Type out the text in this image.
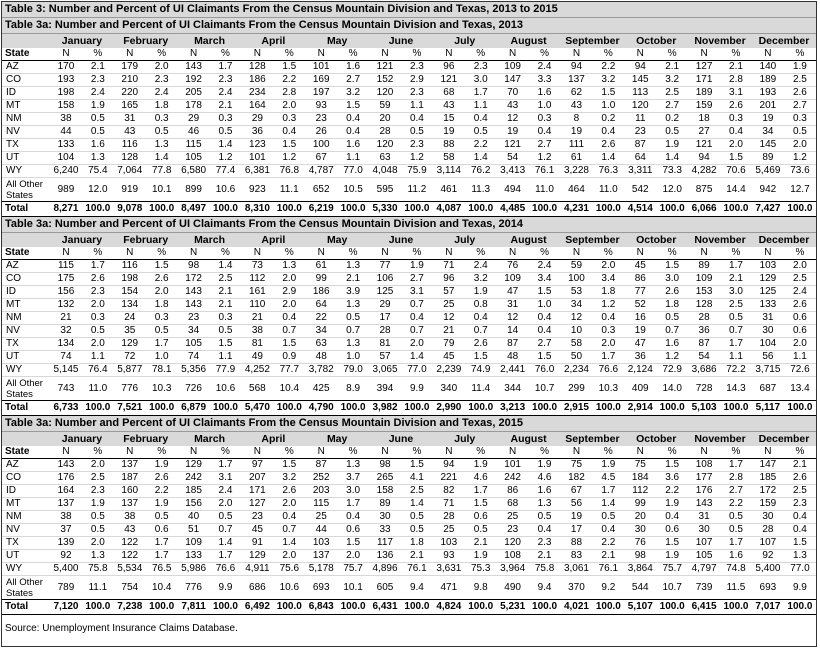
Table 3: Number and Percent of UI Claimants From the Census Mountain Division and Texas, 2013 to 2015
Table 3a: Number and Percent of UI Claimants From the Census Mountain Division and Texas, 2013
	January		February		March		April		May		June		July		August		September		October		November		December	
State	N	%	N	%	N	%	N	%	N	%	N	%	N	%	N	%	N	%	N	%	N	%	N	%
AZ	170	2.1	179	2.0	143	1.7	128	1.5	101	1.6	121	2.3	96	2.3	109	2.4	94	2.2	94	2.1	127	2.1	140	1.9
CO	193	2.3	210	2.3	192	2.3	186	2.2	169	2.7	152	2.9	121	3.0	147	3.3	137	3.2	145	3.2	171	2.8	189	2.5
ID	198	2.4	220	2.4	205	2.4	234	2.8	197	3.2	120	2.3	68	1.7	70	1.6	62	1.5	113	2.5	189	3.1	193	2.6
MT	158	1.9	165	1.8	178	2.1	164	2.0	93	1.5	59	1.1	43	1.1	43	1.0	43	1.0	120	2.7	159	2.6	201	2.7
NM	38	0.5	31	0.3	29	0.3	29	0.3	23	0.4	20	0.4	15	0.4	12	0.3	8	0.2	11	0.2	18	0.3	19	0.3
NV	44	0.5	43	0.5	46	0.5	36	0.4	26	0.4	28	0.5	19	0.5	19	0.4	19	0.4	23	0.5	27	0.4	34	0.5
TX	133	1.6	116	1.3	115	1.4	123	1.5	100	1.6	120	2.3	88	2.2	121	2.7	111	2.6	87	1.9	121	2.0	145	2.0
UT	104	1.3	128	1.4	105	1.2	101	1.2	67	1.1	63	1.2	58	1.4	54	1.2	61	1.4	64	1.4	94	1.5	89	1.2
WY	6,240	75.4	7,064	77.8	6,580	77.4	6,381	76.8	4,787	77.0	4,048	75.9	3,114	76.2	3,413	76.1	3,228	76.3	3,311	73.3	4,282	70.6	5,469	73.6
All Other States	989	12.0	919	10.1	899	10.6	923	11.1	652	10.5	595	11.2	461	11.3	494	11.0	464	11.0	542	12.0	875	14.4	942	12.7
Total	8,271	100.0	9,078	100.0	8,497	100.0	8,310	100.0	6,219	100.0	5,330	100.0	4,087	100.0	4,485	100.0	4,231	100.0	4,514	100.0	6,066	100.0	7,427	100.0
Table 3a: Number and Percent of UI Claimants From the Census Mountain Division and Texas, 2014
	January		February		March		April		May		June		July		August		September		October		November		December	
State	N	%	N	%	N	%	N	%	N	%	N	%	N	%	N	%	N	%	N	%	N	%	N	%
AZ	115	1.7	116	1.5	98	1.4	73	1.3	61	1.3	77	1.9	71	2.4	76	2.4	59	2.0	45	1.5	89	1.7	103	2.0
CO	175	2.6	198	2.6	172	2.5	112	2.0	99	2.1	106	2.7	96	3.2	109	3.4	100	3.4	86	3.0	109	2.1	129	2.5
ID	156	2.3	154	2.0	143	2.1	161	2.9	186	3.9	125	3.1	57	1.9	47	1.5	53	1.8	77	2.6	153	3.0	125	2.4
MT	132	2.0	134	1.8	143	2.1	110	2.0	64	1.3	29	0.7	25	0.8	31	1.0	34	1.2	52	1.8	128	2.5	133	2.6
NM	21	0.3	24	0.3	23	0.3	21	0.4	22	0.5	17	0.4	12	0.4	12	0.4	12	0.4	16	0.5	28	0.5	31	0.6
NV	32	0.5	35	0.5	34	0.5	38	0.7	34	0.7	28	0.7	21	0.7	14	0.4	10	0.3	19	0.7	36	0.7	30	0.6
TX	134	2.0	129	1.7	105	1.5	81	1.5	63	1.3	81	2.0	79	2.6	87	2.7	58	2.0	47	1.6	87	1.7	104	2.0
UT	74	1.1	72	1.0	74	1.1	49	0.9	48	1.0	57	1.4	45	1.5	48	1.5	50	1.7	36	1.2	54	1.1	56	1.1
WY	5,145	76.4	5,877	78.1	5,356	77.9	4,252	77.7	3,782	79.0	3,065	77.0	2,239	74.9	2,441	76.0	2,234	76.6	2,124	72.9	3,686	72.2	3,715	72.6
All Other States	743	11.0	776	10.3	726	10.6	568	10.4	425	8.9	394	9.9	340	11.4	344	10.7	299	10.3	409	14.0	728	14.3	687	13.4
Total	6,733	100.0	7,521	100.0	6,879	100.0	5,470	100.0	4,790	100.0	3,982	100.0	2,990	100.0	3,213	100.0	2,915	100.0	2,914	100.0	5,103	100.0	5,117	100.0
Table 3a: Number and Percent of UI Claimants From the Census Mountain Division and Texas, 2015
	January		February		March		April		May		June		July		August		September		October		November		December	
State	N	%	N	%	N	%	N	%	N	%	N	%	N	%	N	%	N	%	N	%	N	%	N	%
AZ	143	2.0	137	1.9	129	1.7	97	1.5	87	1.3	98	1.5	94	1.9	101	1.9	75	1.9	75	1.5	108	1.7	147	2.1
CO	176	2.5	187	2.6	242	3.1	207	3.2	252	3.7	265	4.1	221	4.6	242	4.6	182	4.5	184	3.6	177	2.8	185	2.6
ID	164	2.3	160	2.2	185	2.4	171	2.6	203	3.0	158	2.5	82	1.7	86	1.6	67	1.7	112	2.2	176	2.7	172	2.5
MT	137	1.9	137	1.9	156	2.0	127	2.0	115	1.7	89	1.4	71	1.5	68	1.3	56	1.4	99	1.9	143	2.2	159	2.3
NM	38	0.5	38	0.5	40	0.5	23	0.4	25	0.4	30	0.5	28	0.6	25	0.5	19	0.5	20	0.4	31	0.5	30	0.4
NV	37	0.5	43	0.6	51	0.7	45	0.7	44	0.6	33	0.5	25	0.5	23	0.4	17	0.4	30	0.6	30	0.5	28	0.4
TX	139	2.0	122	1.7	109	1.4	91	1.4	103	1.5	117	1.8	103	2.1	120	2.3	88	2.2	76	1.5	107	1.7	107	1.5
UT	92	1.3	122	1.7	133	1.7	129	2.0	137	2.0	136	2.1	93	1.9	108	2.1	83	2.1	98	1.9	105	1.6	92	1.3
WY	5,400	75.8	5,534	76.5	5,986	76.6	4,911	75.6	5,178	75.7	4,896	76.1	3,631	75.3	3,964	75.8	3,061	76.1	3,864	75.7	4,797	74.8	5,400	77.0
All Other States	789	11.1	754	10.4	776	9.9	686	10.6	693	10.1	605	9.4	471	9.8	490	9.4	370	9.2	544	10.7	739	11.5	693	9.9
Total	7,120	100.0	7,238	100.0	7,811	100.0	6,492	100.0	6,843	100.0	6,431	100.0	4,824	100.0	5,231	100.0	4,021	100.0	5,107	100.0	6,415	100.0	7,017	100.0
Source: Unemployment Insurance Claims Database.
